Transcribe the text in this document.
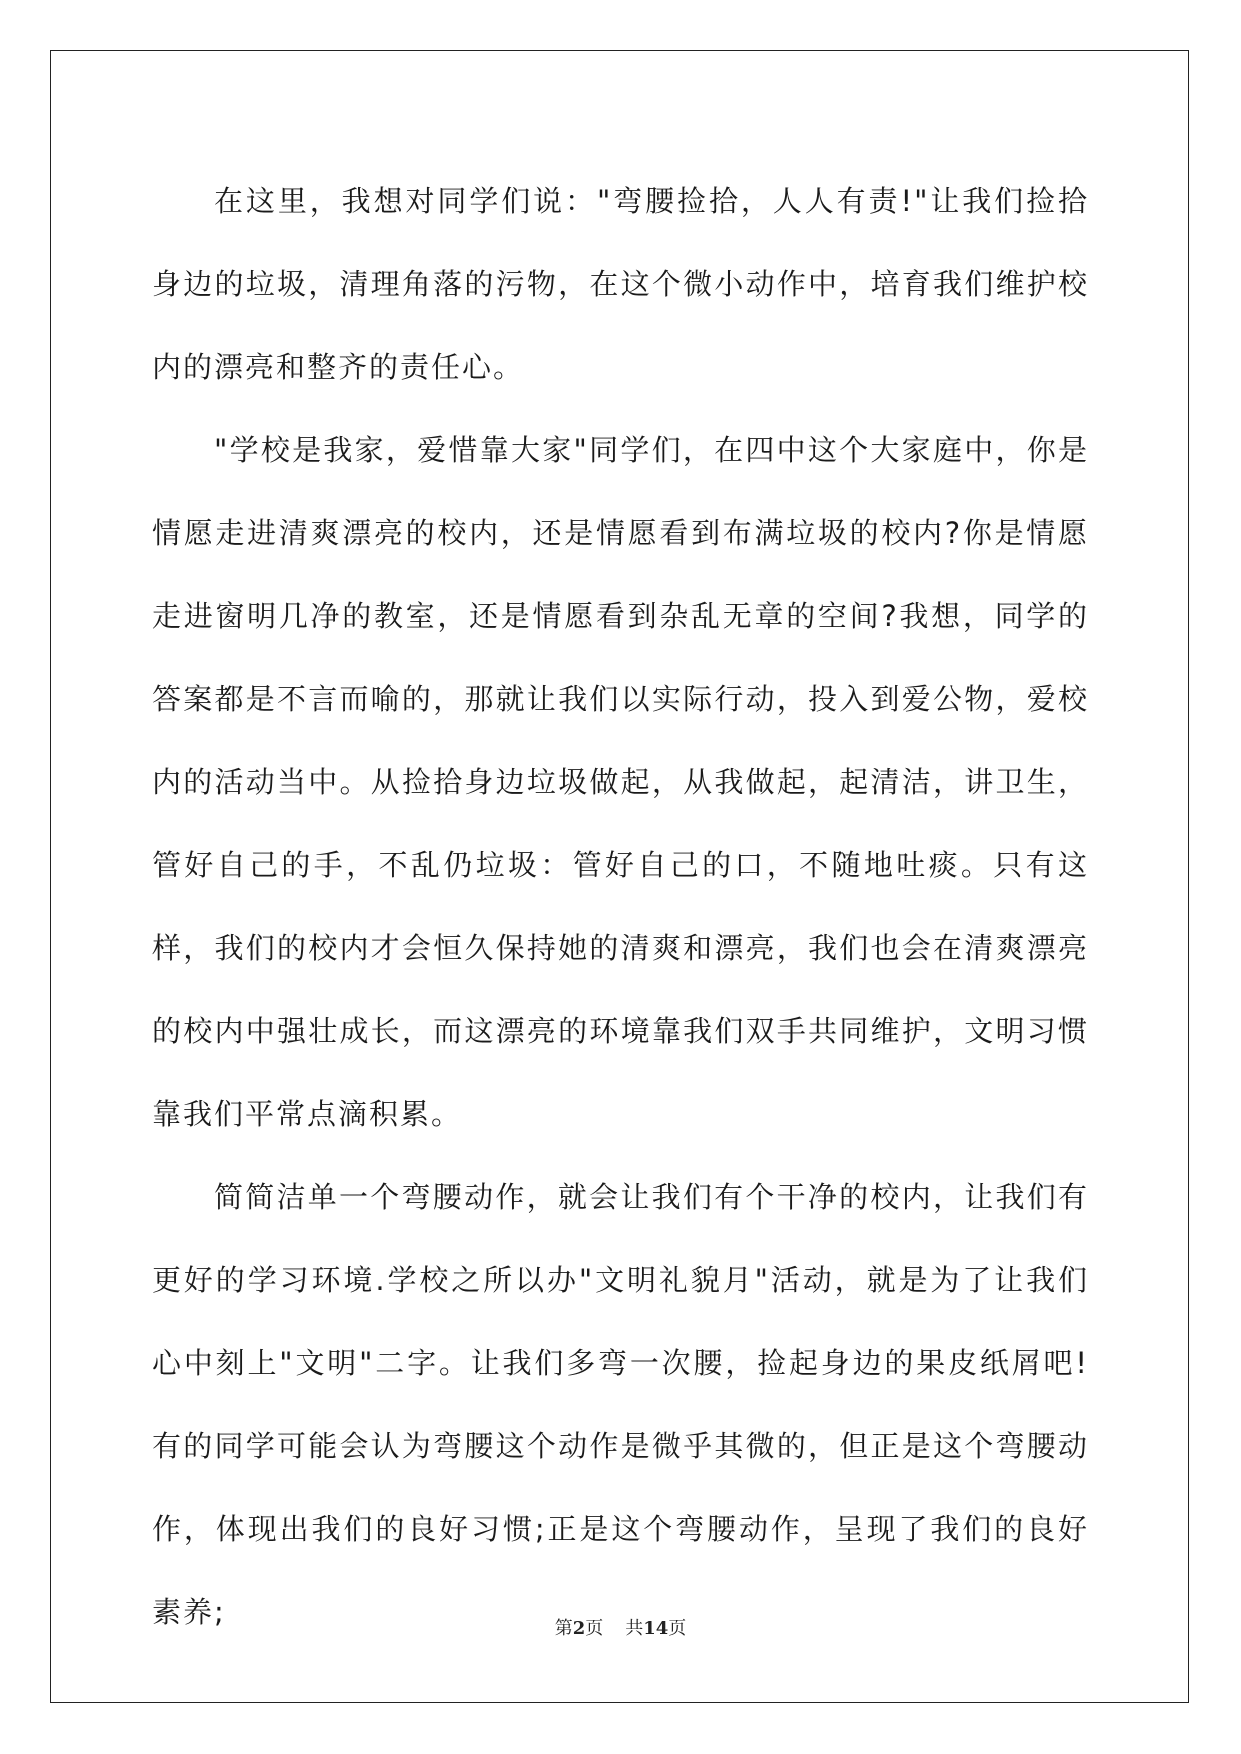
在这里，我想对同学们说："弯腰捡拾，人人有责!"让我们捡拾身边的垃圾，清理角落的污物，在这个微小动作中，培育我们维护校内的漂亮和整齐的责任心。

"学校是我家，爱惜靠大家"同学们，在四中这个大家庭中，你是情愿走进清爽漂亮的校内，还是情愿看到布满垃圾的校内?你是情愿走进窗明几净的教室，还是情愿看到杂乱无章的空间?我想，同学的答案都是不言而喻的，那就让我们以实际行动，投入到爱公物，爱校内的活动当中。从捡拾身边垃圾做起，从我做起，起清洁，讲卫生，管好自己的手，不乱仍垃圾：管好自己的口，不随地吐痰。只有这样，我们的校内才会恒久保持她的清爽和漂亮，我们也会在清爽漂亮的校内中强壮成长，而这漂亮的环境靠我们双手共同维护，文明习惯靠我们平常点滴积累。

简简洁单一个弯腰动作，就会让我们有个干净的校内，让我们有更好的学习环境.学校之所以办"文明礼貌月"活动，就是为了让我们心中刻上"文明"二字。让我们多弯一次腰，捡起身边的果皮纸屑吧!有的同学可能会认为弯腰这个动作是微乎其微的，但正是这个弯腰动作，体现出我们的良好习惯;正是这个弯腰动作，呈现了我们的良好素养;	第2页 共14页
